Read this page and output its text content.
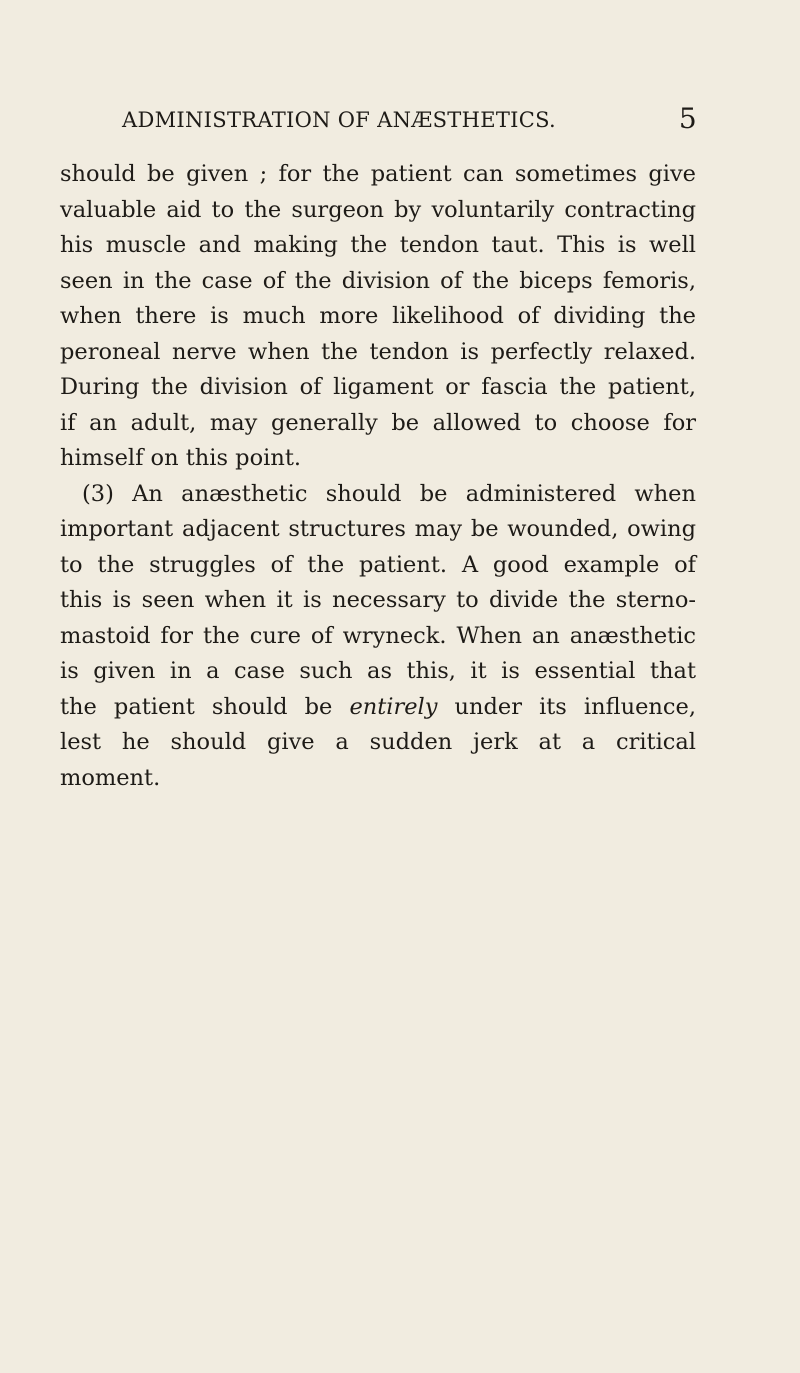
ADMINISTRATION OF ANÆSTHETICS.	5
should be given ; for the patient can sometimes give
valuable aid to the surgeon by voluntarily contracting
his muscle and making the tendon taut. This is well
seen in the case of the division of the biceps femoris,
when there is much more likelihood of dividing the
peroneal nerve when the tendon is perfectly relaxed.
During the division of ligament or fascia the patient,
if an adult, may generally be allowed to choose for
himself on this point.
(3) An anæsthetic should be administered when
important adjacent structures may be wounded, owing
to the struggles of the patient. A good example of
this is seen when it is necessary to divide the sterno-
mastoid for the cure of wryneck. When an anæsthetic
is given in a case such as this, it is essential that
the patient should be entirely under its influence,
lest he should give a sudden jerk at a critical
moment.
